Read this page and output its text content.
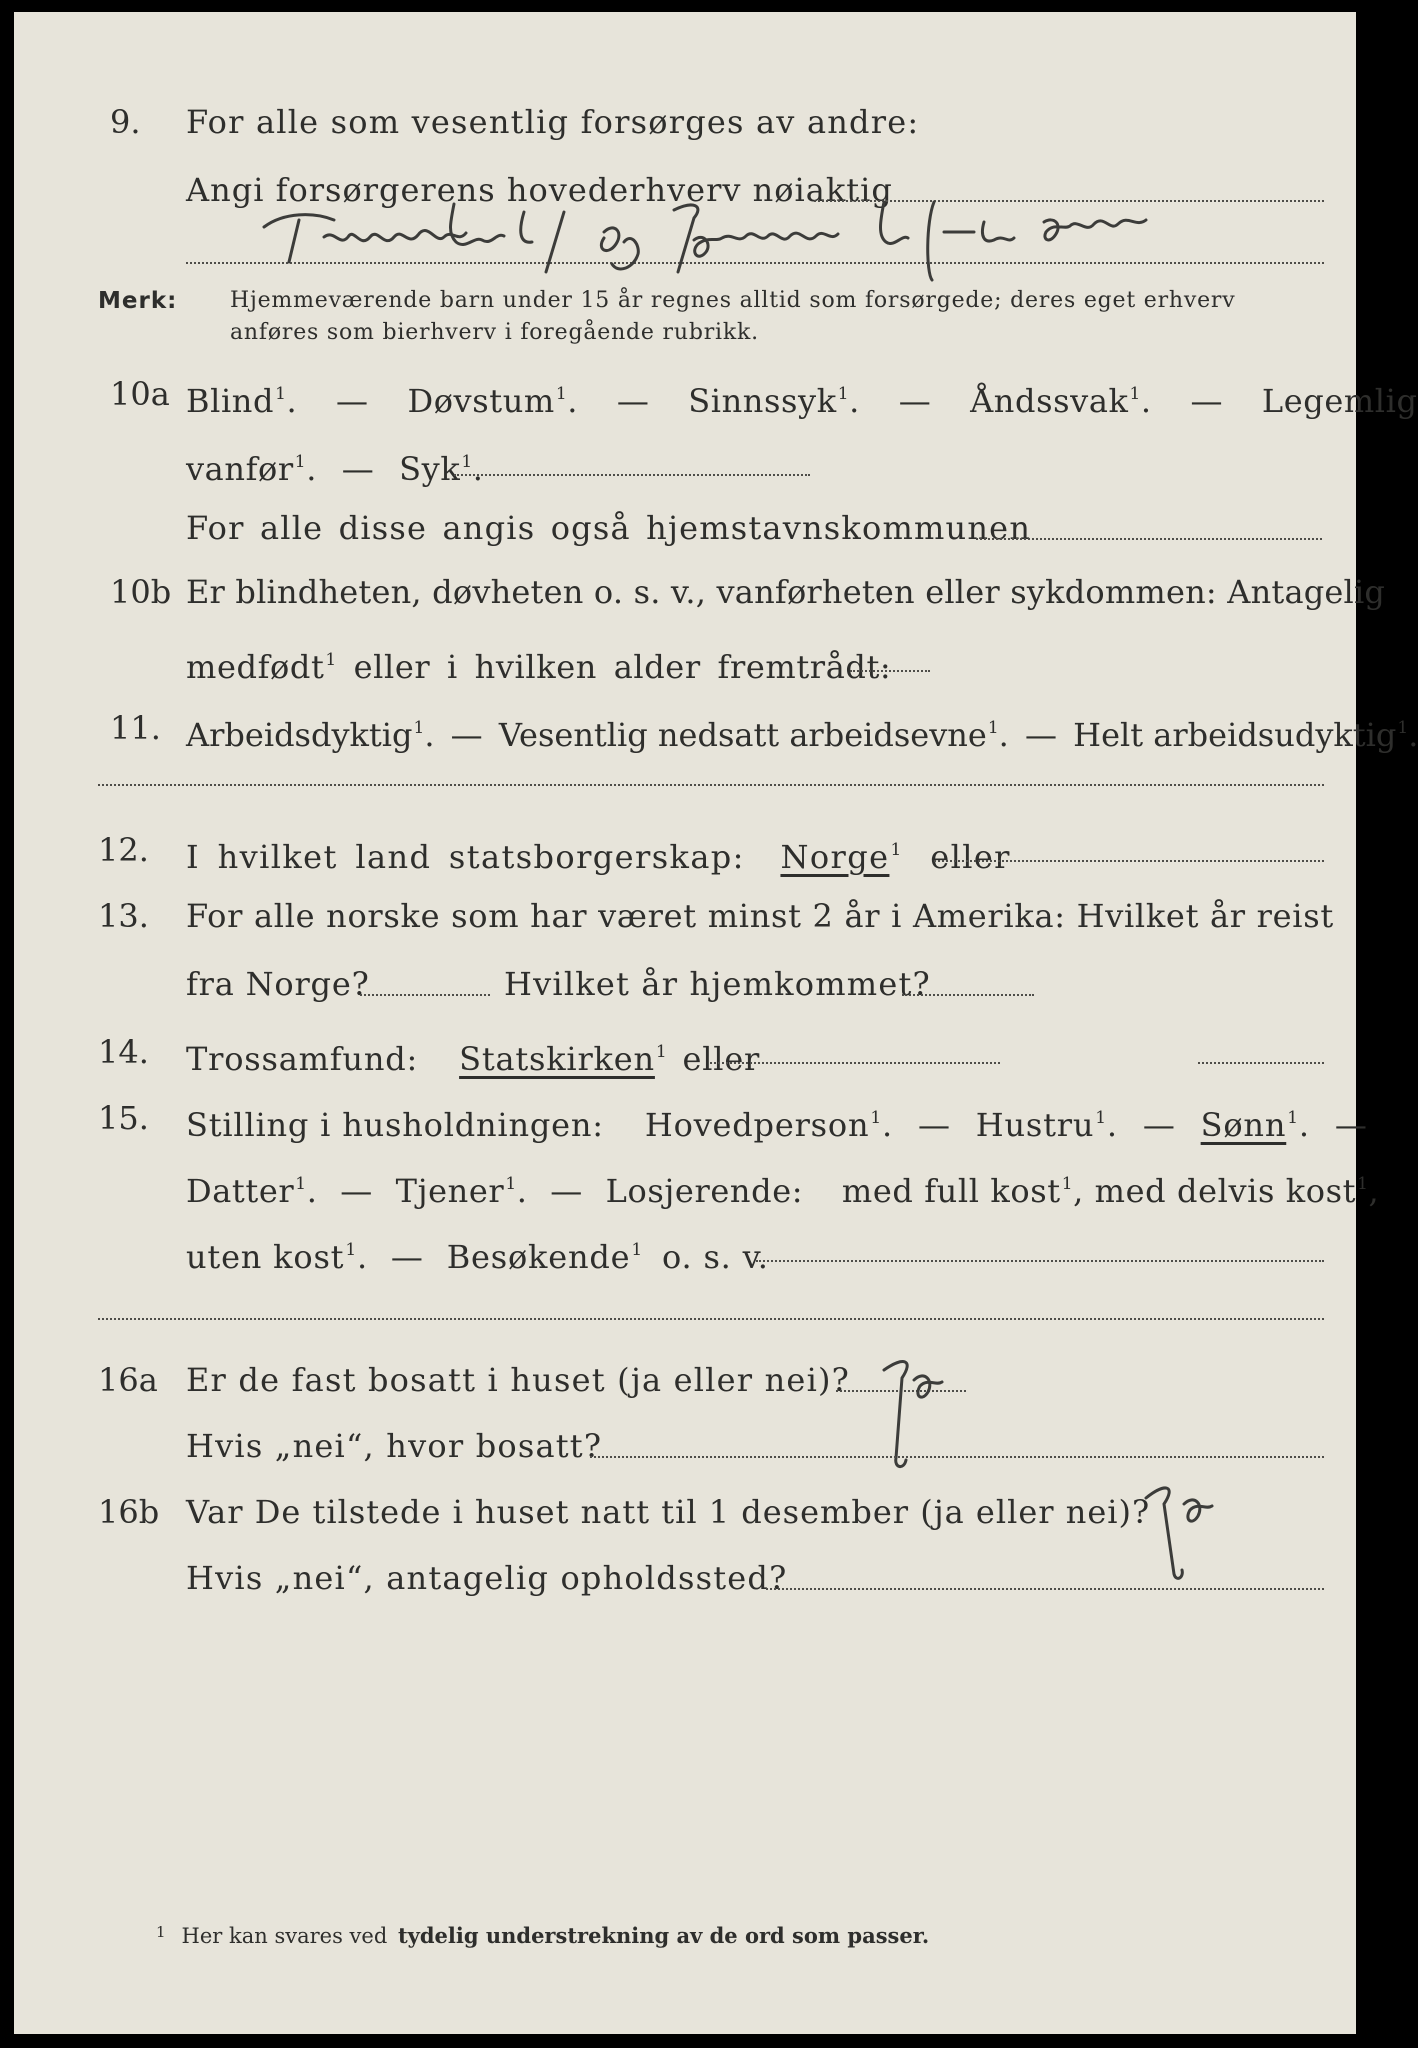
9. For alle som vesentlig forsørges av andre:
Angi forsørgerens hovederhverv nøiaktig
Merk: Hjemmeværende barn under 15 år regnes alltid som forsørgede; deres eget erhverv
anføres som bierhverv i foregående rubrikk.
10a Blind$^1$. — Døvstum$^1$. — Sinnssyk$^1$. — Åndssvak$^1$. — Legemlig
vanfør$^1$. — Syk$^1$.
For alle disse angis også hjemstavnskommunen
10b Er blindheten, døvheten o. s. v., vanførheten eller sykdommen: Antagelig
medfødt$^1$ eller i hvilken alder fremtrådt:
11. Arbeidsdyktig$^1$. — Vesentlig nedsatt arbeidsevne$^1$. — Helt arbeidsudyktig$^1$.
12. I hvilket land statsborgerskap: Norge$^1$ eller
13. For alle norske som har været minst 2 år i Amerika: Hvilket år reist
fra Norge?	Hvilket år hjemkommet?
14. Trossamfund: Statskirken$^1$ eller
15. Stilling i husholdningen: Hovedperson$^1$. — Hustru$^1$. — Sønn$^1$. —
Datter$^1$. — Tjener$^1$. — Losjerende: med full kost$^1$, med delvis kost$^1$,
uten kost$^1$. — Besøkende$^1$ o. s. v.
16a Er de fast bosatt i huset (ja eller nei)?
Hvis „nei“, hvor bosatt?
16b Var De tilstede i huset natt til 1 desember (ja eller nei)?
Hvis „nei“, antagelig opholdssted?
$^1$ Her kan svares ved tydelig understrekning av de ord som passer.
